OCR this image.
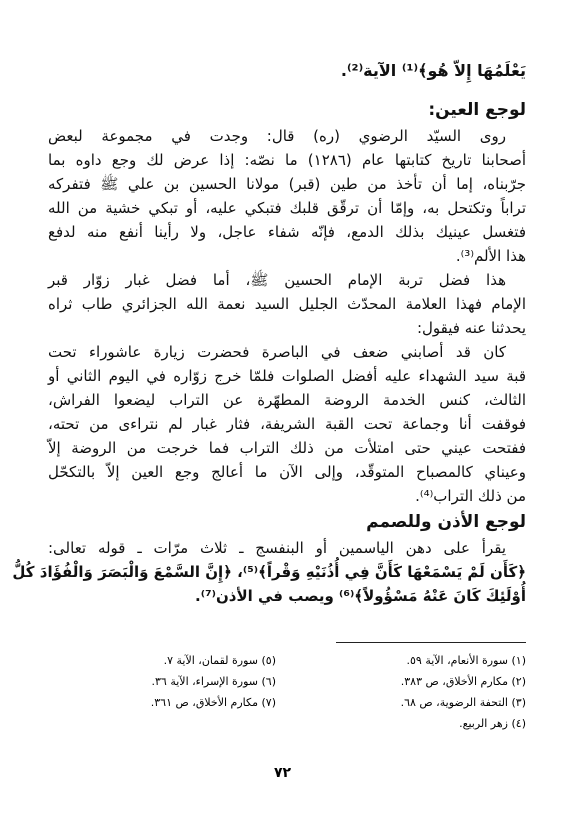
يَعْلَمُهَا إِلاّ هُو﴾⁽¹⁾ الآية⁽²⁾.
لوجع العين:
روى السيّد الرضوي (ره) قال: وجدت في مجموعة لبعض
أصحابنا تاريخ كتابتها عام (١٢٨٦) ما نصّه: إذا عرض لك وجع داوه بما
جرّبناه، إما أن تأخذ من طين (قبر) مولانا الحسين بن علي ﷺ فتفركه
تراباً وتكتحل به، وإمّا أن ترقّق قلبك فتبكي عليه، أو تبكي خشية من الله
فتغسل عينيك بذلك الدمع، فإنّه شفاء عاجل، ولا رأينا أنفع منه لدفع
هذا الألم⁽³⁾.
هذا فضل تربة الإمام الحسين ﷺ، أما فضل غبار زوّار قبر
الإمام فهذا العلامة المحدّث الجليل السيد نعمة الله الجزائري طاب ثراه
يحدثنا عنه فيقول:
كان قد أصابني ضعف في الباصرة فحضرت زيارة عاشوراء تحت
قبة سيد الشهداء عليه أفضل الصلوات فلمّا خرج زوّاره في اليوم الثاني أو
الثالث، كنس الخدمة الروضة المطهّرة عن التراب ليضعوا الفراش،
فوقفت أنا وجماعة تحت القبة الشريفة، فثار غبار لم نتراءى من تحته،
ففتحت عيني حتى امتلأت من ذلك التراب فما خرجت من الروضة إلاّ
وعيناي كالمصباح المتوقّد، وإلى الآن ما أعالج وجع العين إلاّ بالتكحّل
من ذلك التراب⁽⁴⁾.
لوجع الأذن وللصمم
يقرأ على دهن الياسمين أو البنفسج ـ ثلاث مرّات ـ قوله تعالى:
﴿كَأَن لَمْ يَسْمَعْهَا كَأَنَّ فِي أُذُنَيْهِ وَقْراً﴾⁽⁵⁾، ﴿إِنَّ السَّمْعَ وَالْبَصَرَ وَالْفُؤَادَ كُلُّ
أُوْلَئِكَ كَانَ عَنْهُ مَسْؤُولاً﴾⁽⁶⁾ ويصب في الأذن⁽⁷⁾.
(١) سورة الأنعام، الآية ٥٩.
(٢) مكارم الأخلاق، ص ٣٨٣.
(٣) التحفة الرضوية، ص ٦٨.
(٤) زهر الربيع.
(٥) سورة لقمان، الآية ٧.
(٦) سورة الإسراء، الآية ٣٦.
(٧) مكارم الأخلاق، ص ٣٦١.
٧٢
